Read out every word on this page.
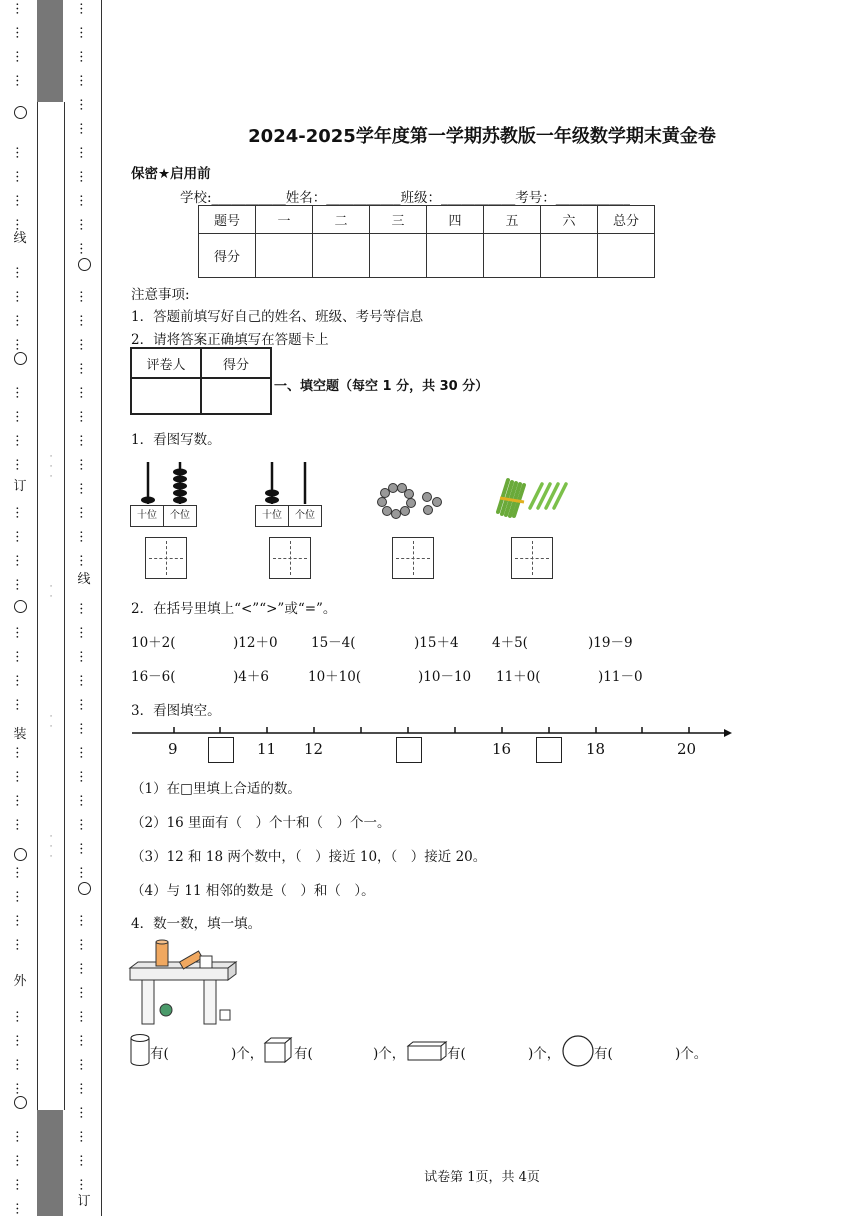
…
…
…
…
…
…
…
…
…
…
…
…
…
…
…
…
…
…
…
…
…
…
…
…
…
…
…
…
…
…
…
…
…
…
…
…
…
…
…
…
线
订
装
外
·
·
·
·
·
·
·
·
·
·
…
…
…
…
…
…
…
…
…
…
…
…
…
…
…
…
…
…
…
…
…
…
…
…
…
…
…
…
…
…
…
…
…
…
…
…
…
…
…
…
…
…
…
…
…
…
…
线
订
2024-2025学年度第一学期苏教版一年级数学期末黄金卷
保密★启用前
学校:___________姓名：___________班级：___________考号：___________
题号	一	二	三	四	五	六	总分
得分							
注意事项:
1．答题前填写好自己的姓名、班级、考号等信息
2．请将答案正确填写在答题卡上
评卷人	得分

一、填空题（每空 1 分，共 30 分）
1．看图写数。
十位	个位	十位	个位
2．在括号里填上“<”“>”或“=”。
10＋2(	)12＋0 15－4(	)15＋4 4＋5(	)19－9
16－6(	)4＋6	10＋10(	)10－10 11＋0(	)11－0
3．看图填空。
9	11 12	16	18	20
（1）在□里填上合适的数。
（2）16 里面有（　）个十和（　）个一。
（3）12 和 18 两个数中，（　）接近 10，（　）接近 20。
（4）与 11 相邻的数是（　）和（　）。
4．数一数，填一填。
有(	)个， 有(	)个，	有(	)个， 有(	)个。
试卷第 1页，共 4页
